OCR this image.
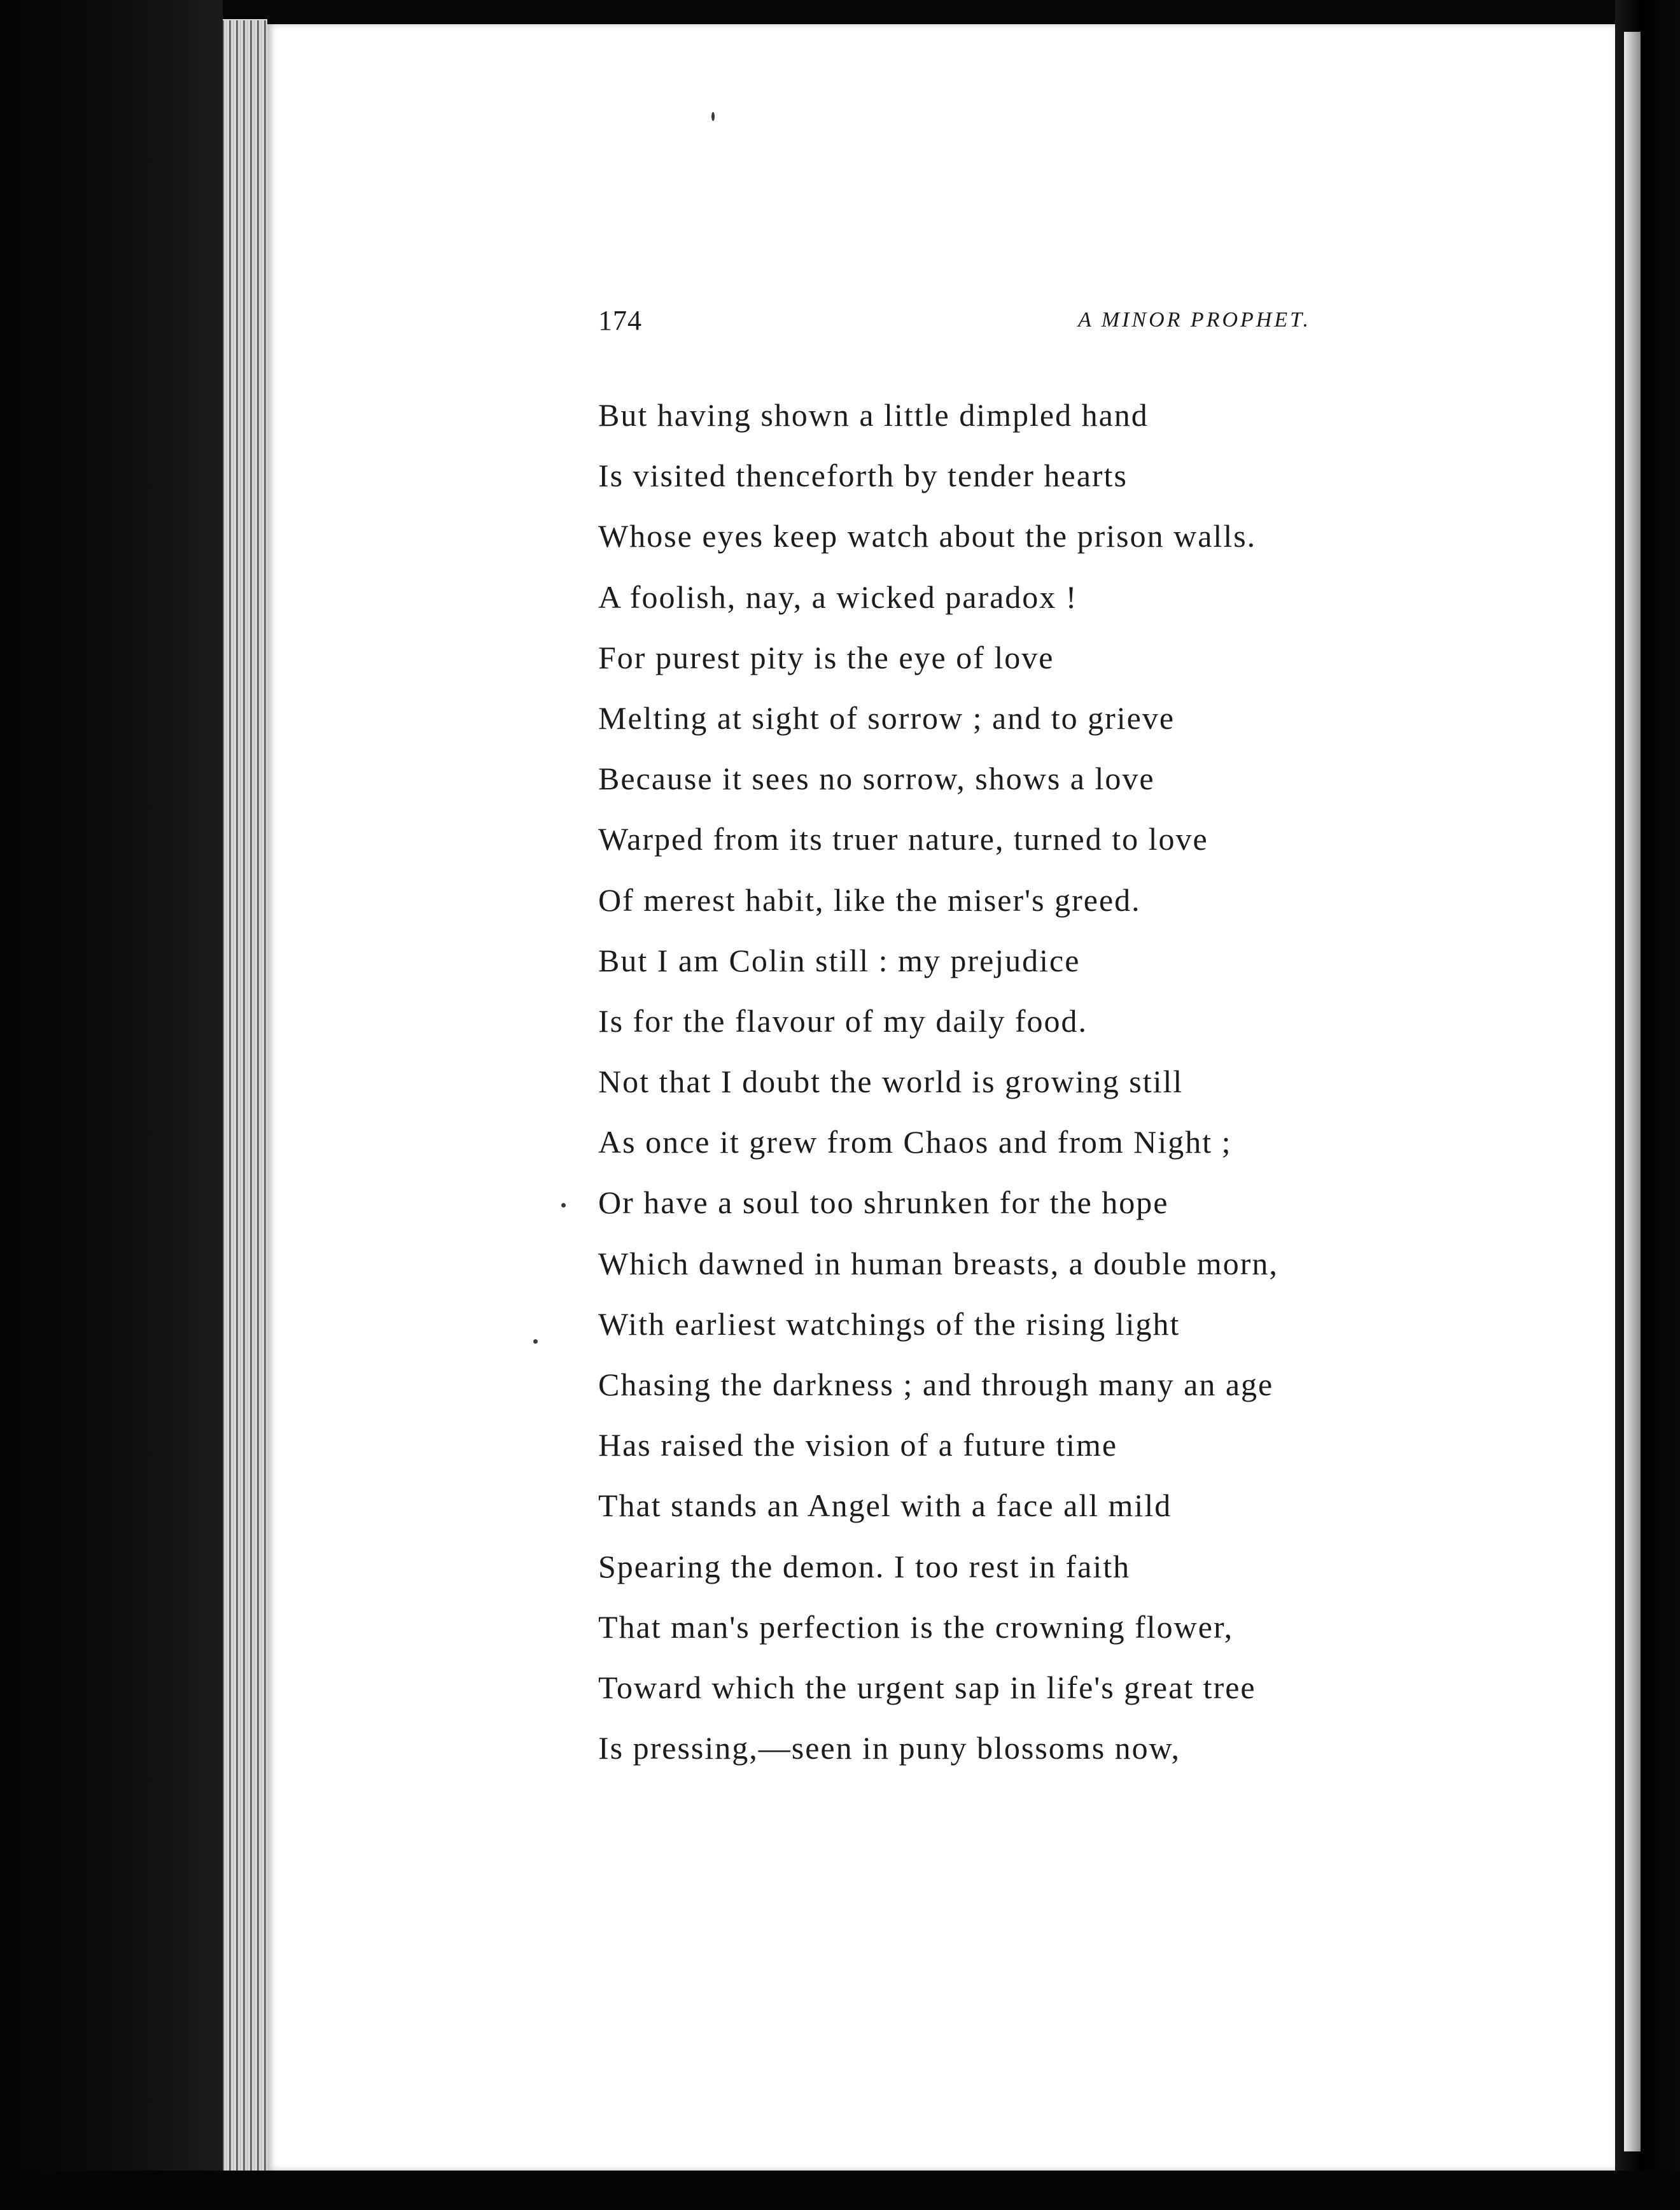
174	A MINOR PROPHET.
But having shown a little dimpled hand
Is visited thenceforth by tender hearts
Whose eyes keep watch about the prison walls.
A foolish, nay, a wicked paradox !
For purest pity is the eye of love
Melting at sight of sorrow ; and to grieve
Because it sees no sorrow, shows a love
Warped from its truer nature, turned to love
Of merest habit, like the miser's greed.
But I am Colin still : my prejudice
Is for the flavour of my daily food.
Not that I doubt the world is growing still
As once it grew from Chaos and from Night ;
Or have a soul too shrunken for the hope
Which dawned in human breasts, a double morn,
With earliest watchings of the rising light
Chasing the darkness ; and through many an age
Has raised the vision of a future time
That stands an Angel with a face all mild
Spearing the demon. I too rest in faith
That man's perfection is the crowning flower,
Toward which the urgent sap in life's great tree
Is pressing,—seen in puny blossoms now,
